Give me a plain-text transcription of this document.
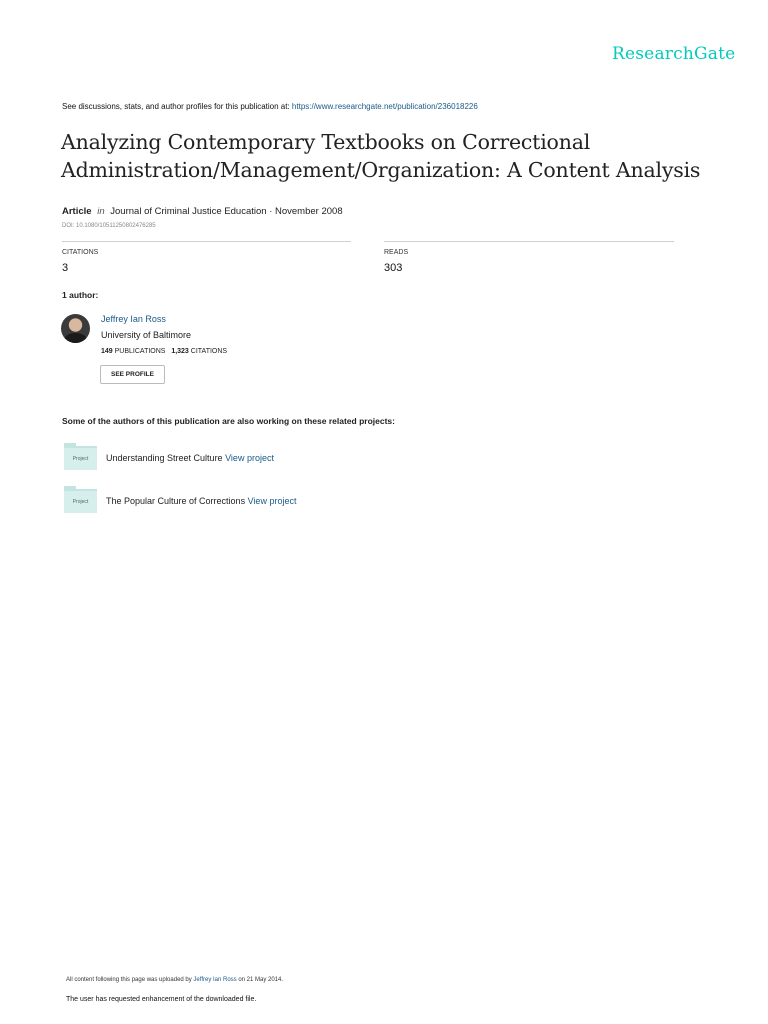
ResearchGate
See discussions, stats, and author profiles for this publication at: https://www.researchgate.net/publication/236018226
Analyzing Contemporary Textbooks on Correctional
Administration/Management/Organization: A Content Analysis
Article in Journal of Criminal Justice Education · November 2008
DOI: 10.1080/10511250802476285
CITATIONS
3
READS
303
1 author:
Jeffrey Ian Ross
University of Baltimore
149 PUBLICATIONS 1,323 CITATIONS
SEE PROFILE
Some of the authors of this publication are also working on these related projects:
Project Understanding Street Culture View project
Project The Popular Culture of Corrections View project
All content following this page was uploaded by Jeffrey Ian Ross on 21 May 2014.
The user has requested enhancement of the downloaded file.
